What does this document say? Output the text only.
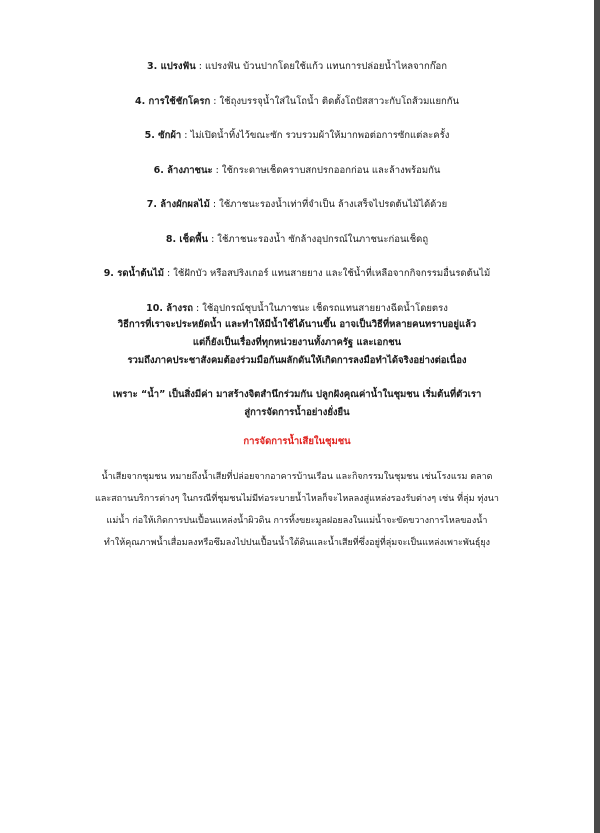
3. แปรงฟัน : แปรงฟัน บ้วนปากโดยใช้แก้ว แทนการปล่อยน้ำไหลจากก๊อก
4. การใช้ชักโครก : ใช้ถุงบรรจุน้ำใส่ในโถน้ำ ติดตั้งโถปัสสาวะกับโถส้วมแยกกัน
5. ซักผ้า : ไม่เปิดน้ำทิ้งไว้ขณะซัก รวบรวมผ้าให้มากพอต่อการซักแต่ละครั้ง
6. ล้างภาชนะ : ใช้กระดาษเช็ดคราบสกปรกออกก่อน และล้างพร้อมกัน
7. ล้างผักผลไม้ : ใช้ภาชนะรองน้ำเท่าที่จำเป็น ล้างเสร็จไปรดต้นไม้ได้ด้วย
8. เช็ดพื้น : ใช้ภาชนะรองน้ำ ซักล้างอุปกรณ์ในภาชนะก่อนเช็ดถู
9. รดน้ำต้นไม้ : ใช้ฝักบัว หรือสปริงเกอร์ แทนสายยาง และใช้น้ำที่เหลือจากกิจกรรมอื่นรดต้นไม้
10. ล้างรถ : ใช้อุปกรณ์ชุบน้ำในภาชนะ เช็ดรถแทนสายยางฉีดน้ำโดยตรง
วิธีการที่เราจะประหยัดน้ำ และทำให้มีน้ำใช้ได้นานขึ้น อาจเป็นวิธีที่หลายคนทราบอยู่แล้ว
แต่ก็ยังเป็นเรื่องที่ทุกหน่วยงานทั้งภาครัฐ และเอกชน
รวมถึงภาคประชาสังคมต้องร่วมมือกันผลักดันให้เกิดการลงมือทำได้จริงอย่างต่อเนื่อง
เพราะ “น้ำ” เป็นสิ่งมีค่า มาสร้างจิตสำนึกร่วมกัน ปลูกฝังคุณค่าน้ำในชุมชน เริ่มต้นที่ตัวเรา
สู่การจัดการน้ำอย่างยั่งยืน
การจัดการน้ำเสียในชุมชน
น้ำเสียจากชุมชน หมายถึงน้ำเสียที่ปล่อยจากอาคารบ้านเรือน และกิจกรรมในชุมชน เช่นโรงแรม ตลาด
และสถานบริการต่างๆ ในกรณีที่ชุมชนไม่มีท่อระบายน้ำไหลก็จะไหลลงสู่แหล่งรองรับต่างๆ เช่น ที่ลุ่ม ทุ่งนา
แม่น้ำ ก่อให้เกิดการปนเปื้อนแหล่งน้ำผิวดิน การทิ้งขยะมูลฝอยลงในแม่น้ำจะขัดขวางการไหลของน้ำ
ทำให้คุณภาพน้ำเสื่อมลงหรือซึมลงไปปนเปื้อนน้ำใต้ดินและน้ำเสียที่ซึ่งอยู่ที่ลุ่มจะเป็นแหล่งเพาะพันธุ์ยุง
